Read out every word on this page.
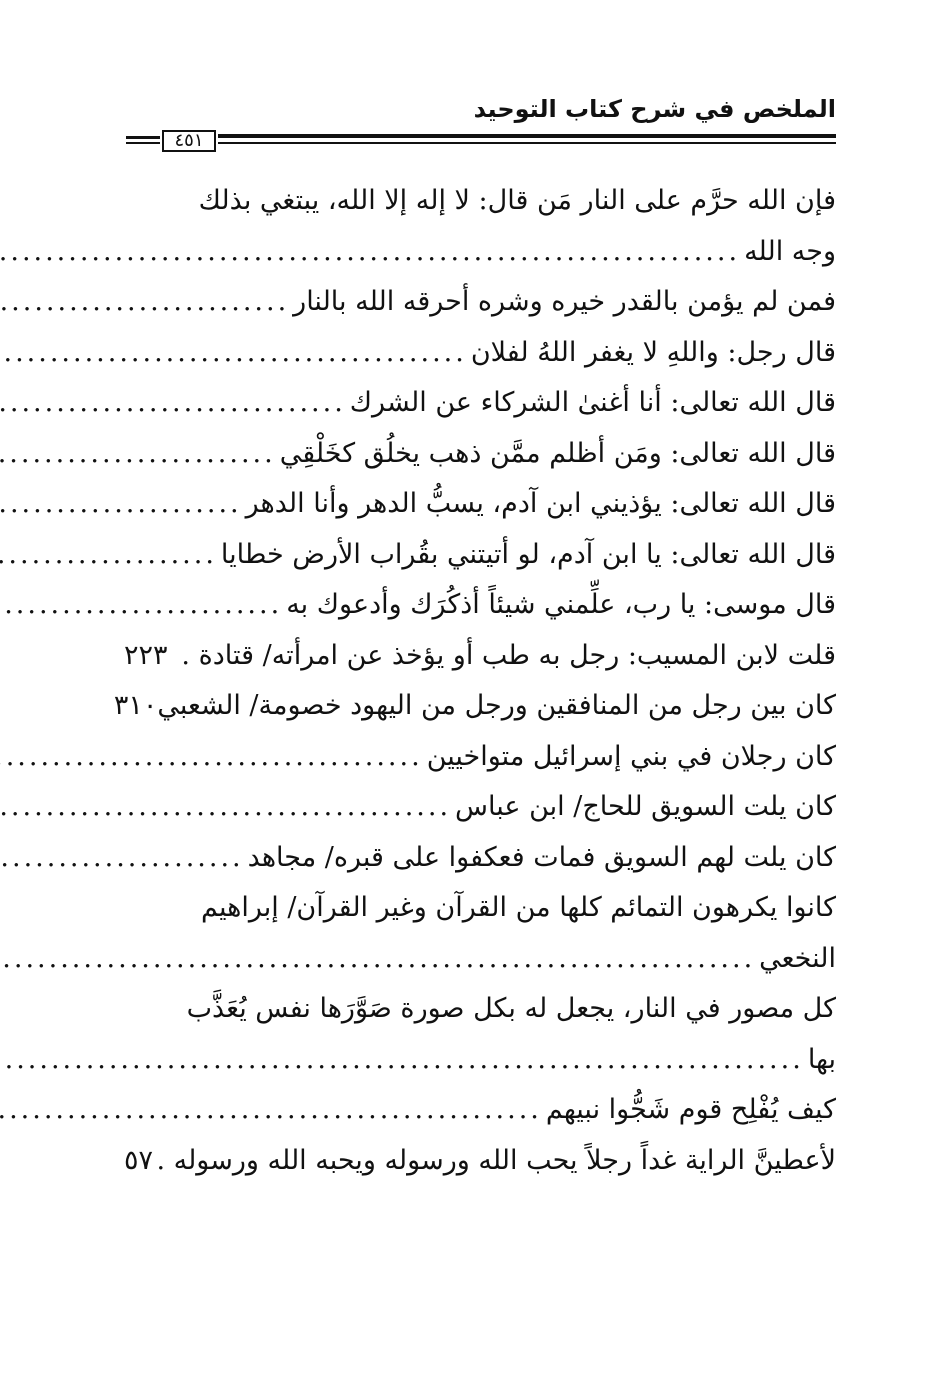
الملخص في شرح كتاب التوحيد
٤٥١
فإن الله حرَّم على النار مَن قال: لا إله إلا الله، يبتغي بذلك
وجه الله
.....
فمن لم يؤمن بالقدر خيره وشره أحرقه الله بالنار
.....
قال رجل: واللهِ لا يغفر اللهُ لفلان
.....
قال الله تعالى: أنا أغنىٰ الشركاء عن الشرك
.....
قال الله تعالى: ومَن أظلم ممَّن ذهب يخلُق كخَلْقِي
.....
قال الله تعالى: يؤذيني ابن آدم، يسبُّ الدهر وأنا الدهر
.....
قال الله تعالى: يا ابن آدم، لو أتيتني بقُراب الأرض خطايا
.....
قال موسى: يا رب، علِّمني شيئاً أذكُرَك وأدعوك به
.....
قلت لابن المسيب: رجل به طب أو يؤخذ عن امرأته/ قتادة .
٢٢٣
كان بين رجل من المنافقين ورجل من اليهود خصومة/ الشعبي
٣١٠
كان رجلان في بني إسرائيل متواخيين
.....
كان يلت السويق للحاج/ ابن عباس
.....
كان يلت لهم السويق فمات فعكفوا على قبره/ مجاهد
.....
كانوا يكرهون التمائم كلها من القرآن وغير القرآن/ إبراهيم
النخعي
.....
كل مصور في النار، يجعل له بكل صورة صَوَّرَها نفس يُعَذَّب
بها
.....
كيف يُفْلِح قوم شَجُّوا نبيهم
.....
لأعطينَّ الراية غداً رجلاً يحب الله ورسوله ويحبه الله ورسوله .
٥٧
